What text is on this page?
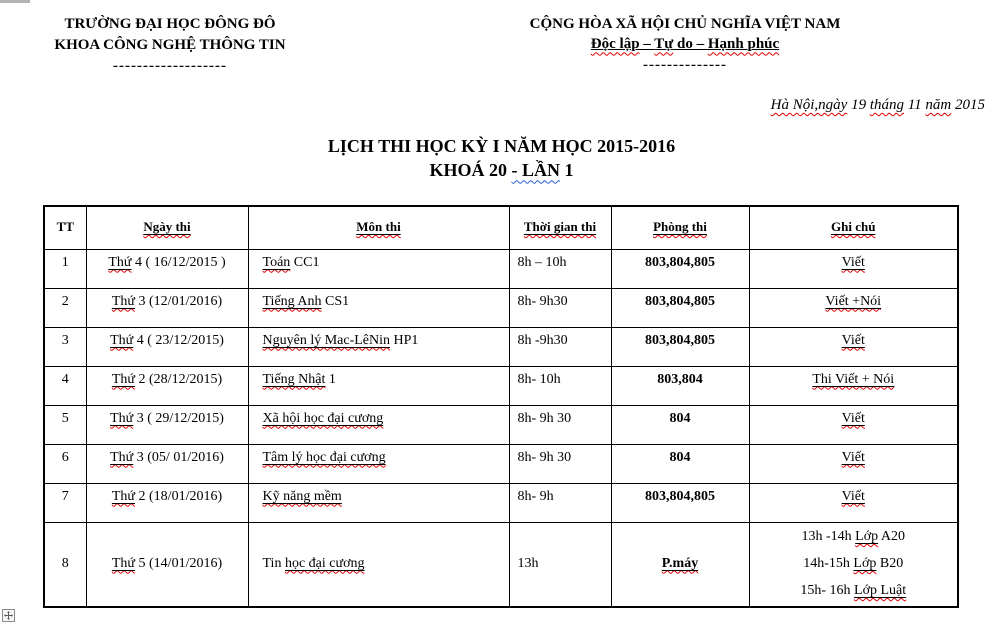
TRƯỜNG ĐẠI HỌC ĐÔNG ĐÔ
KHOA CÔNG NGHỆ THÔNG TIN
-------------------
CỘNG HÒA XÃ HỘI CHỦ NGHĨA VIỆT NAM
Độc lập – Tự do – Hạnh phúc
--------------
Hà Nội,ngày 19 tháng 11 năm 2015
LỊCH THI HỌC KỲ I NĂM HỌC 2015-2016
KHOÁ 20 - LẦN 1
TT	Ngày thi	Môn thi	Thời gian thi	Phòng thi	Ghi chú
1	Thứ 4 ( 16/12/2015 )	Toán CC1	8h – 10h	803,804,805	Viết

2	Thứ 3 (12/01/2016)	Tiếng Anh CS1	8h- 9h30	803,804,805	Viết +Nói

3	Thứ 4 ( 23/12/2015)	Nguyên lý Mac-LêNin HP1	8h -9h30	803,804,805	Viết

4	Thứ 2 (28/12/2015)	Tiếng Nhật 1	8h- 10h	803,804	Thi Viết + Nói

5	Thứ 3 ( 29/12/2015)	Xã hội học đại cương	8h- 9h 30	804	Viết

6	Thứ 3 (05/ 01/2016)	Tâm lý học đại cương	8h- 9h 30	804	Viết

7	Thứ 2 (18/01/2016)	Kỹ năng mềm	8h- 9h	803,804,805	Viết

8	Thứ 5 (14/01/2016)	Tin học đại cương	13h	P.máy	13h -14h Lớp A20
14h-15h Lớp B20
15h- 16h Lớp Luật
